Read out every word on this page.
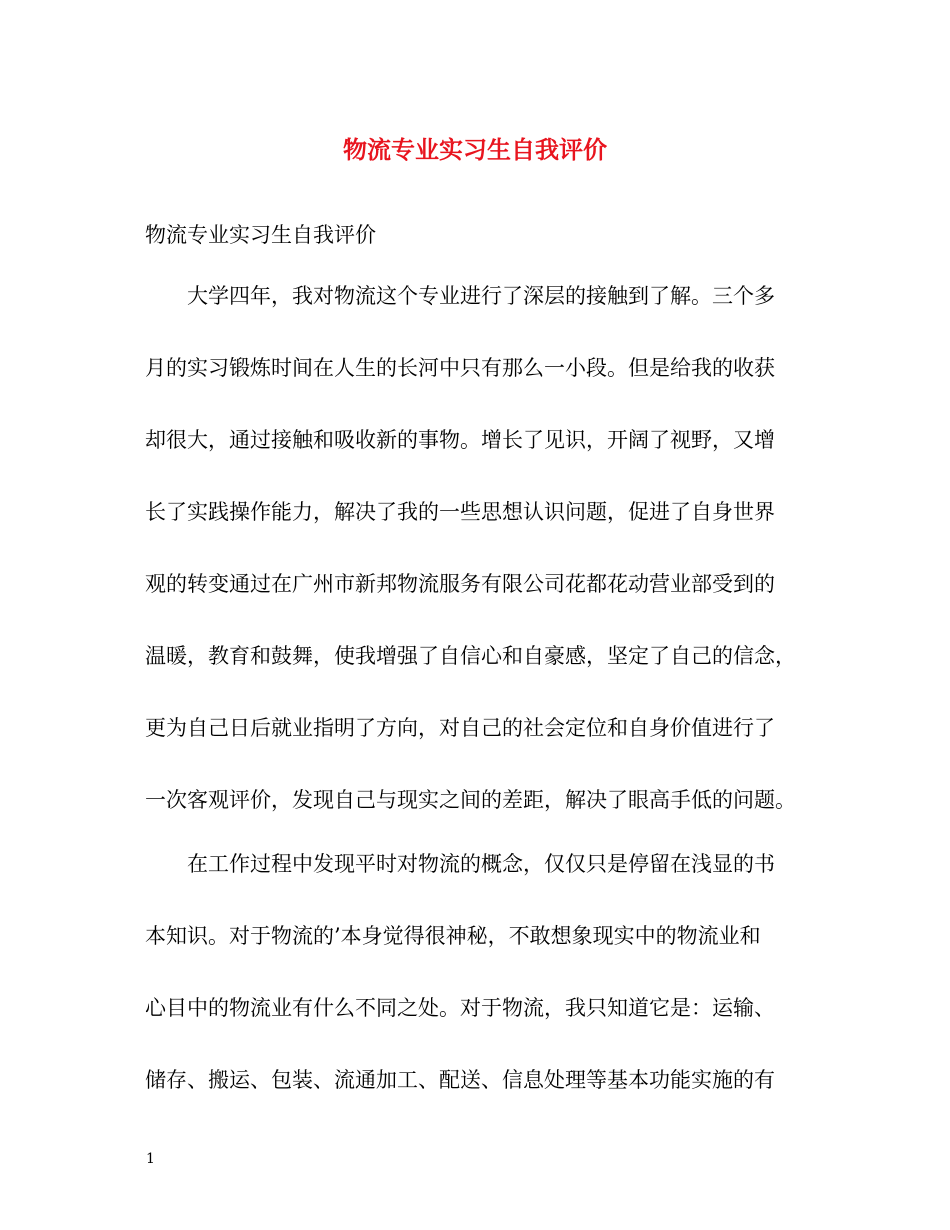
物流专业实习生自我评价
物流专业实习生自我评价
大学四年，我对物流这个专业进行了深层的接触到了解。三个多
月的实习锻炼时间在人生的长河中只有那么一小段。但是给我的收获
却很大，通过接触和吸收新的事物。增长了见识，开阔了视野，又增
长了实践操作能力，解决了我的一些思想认识问题，促进了自身世界
观的转变通过在广州市新邦物流服务有限公司花都花动营业部受到的
温暖，教育和鼓舞，使我增强了自信心和自豪感，坚定了自己的信念，
更为自己日后就业指明了方向，对自己的社会定位和自身价值进行了
一次客观评价，发现自己与现实之间的差距，解决了眼高手低的问题。
在工作过程中发现平时对物流的概念，仅仅只是停留在浅显的书
本知识。对于物流的’本身觉得很神秘，不敢想象现实中的物流业和
心目中的物流业有什么不同之处。对于物流，我只知道它是：运输、
储存、搬运、包装、流通加工、配送、信息处理等基本功能实施的有
1
